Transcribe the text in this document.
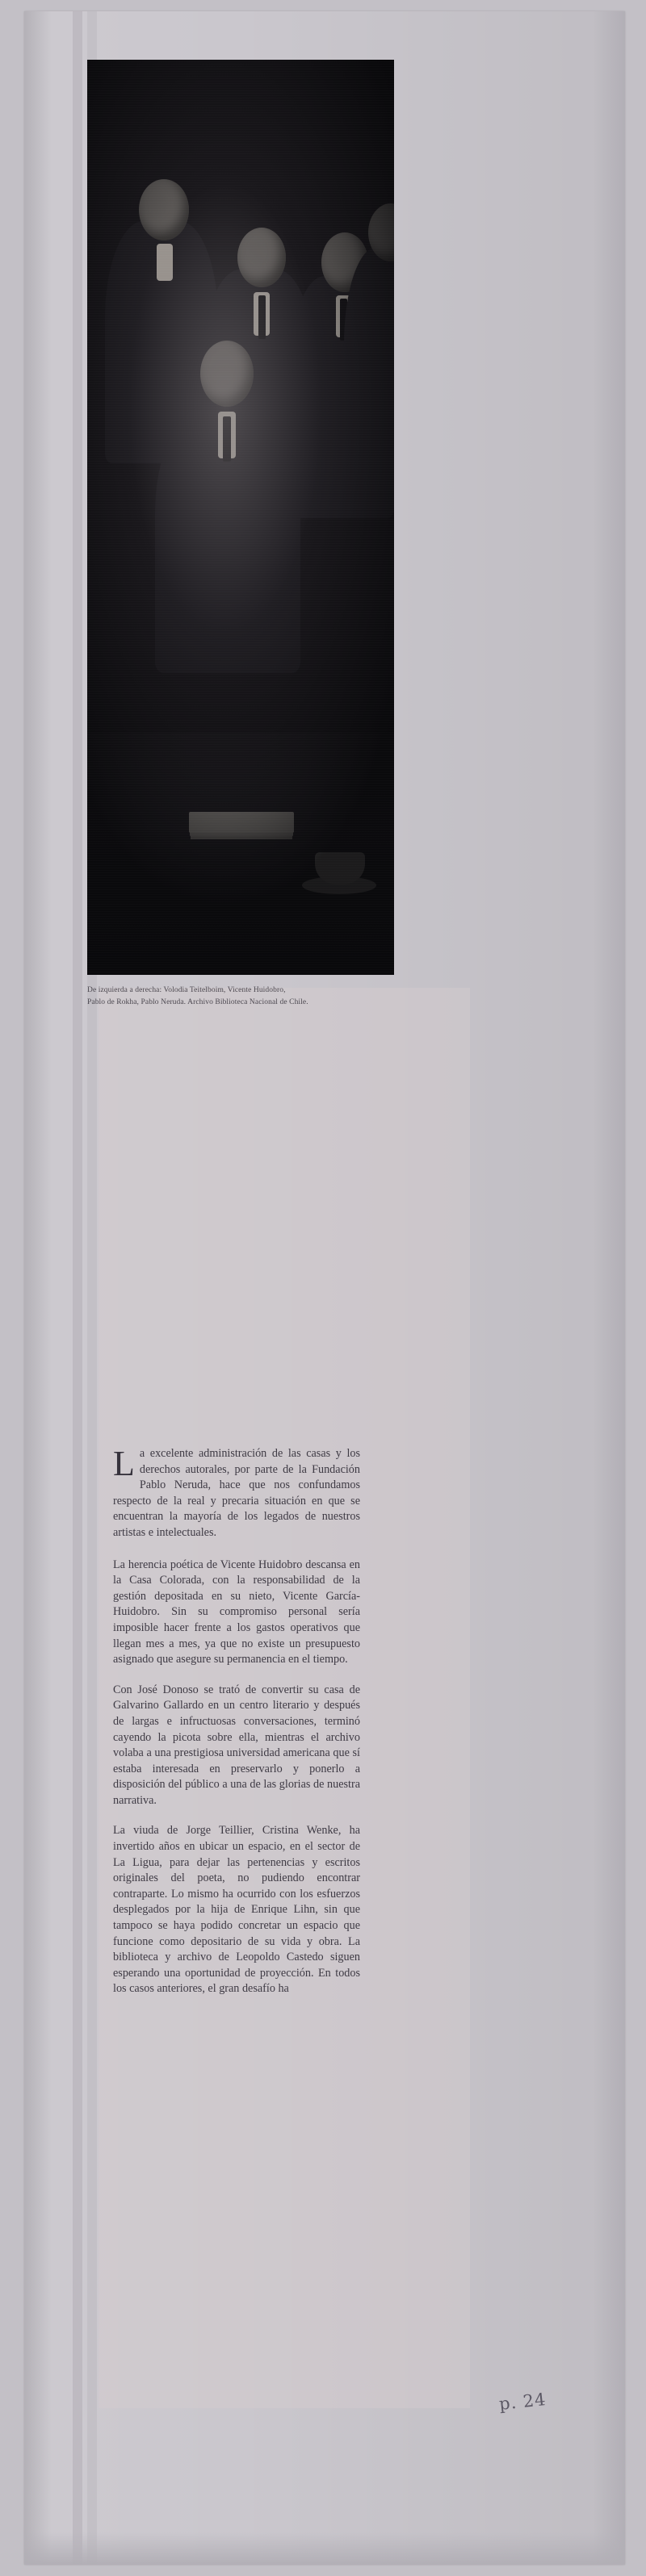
De izquierda a derecha: Volodia Teitelboim, Vicente Huidobro,
Pablo de Rokha, Pablo Neruda. Archivo Biblioteca Nacional de Chile.

La excelente administración de las casas y los derechos autorales, por parte de la Fundación Pablo Neruda, hace que nos confundamos respecto de la real y precaria situación en que se encuentran la mayoría de los legados de nuestros artistas e intelectuales.

La herencia poética de Vicente Huidobro descansa en la Casa Colorada, con la responsabilidad de la gestión depositada en su nieto, Vicente García-Huidobro. Sin su compromiso personal sería imposible hacer frente a los gastos operativos que llegan mes a mes, ya que no existe un presupuesto asignado que asegure su permanencia en el tiempo.

Con José Donoso se trató de convertir su casa de Galvarino Gallardo en un centro literario y después de largas e infructuosas conversaciones, terminó cayendo la picota sobre ella, mientras el archivo volaba a una prestigiosa universidad americana que sí estaba interesada en preservarlo y ponerlo a disposición del público a una de las glorias de nuestra narrativa.

La viuda de Jorge Teillier, Cristina Wenke, ha invertido años en ubicar un espacio, en el sector de La Ligua, para dejar las pertenencias y escritos originales del poeta, no pudiendo encontrar contraparte. Lo mismo ha ocurrido con los esfuerzos desplegados por la hija de Enrique Lihn, sin que tampoco se haya podido concretar un espacio que funcione como depositario de su vida y obra. La biblioteca y archivo de Leopoldo Castedo siguen esperando una oportunidad de proyección. En todos los casos anteriores, el gran desafío ha

p. 24
